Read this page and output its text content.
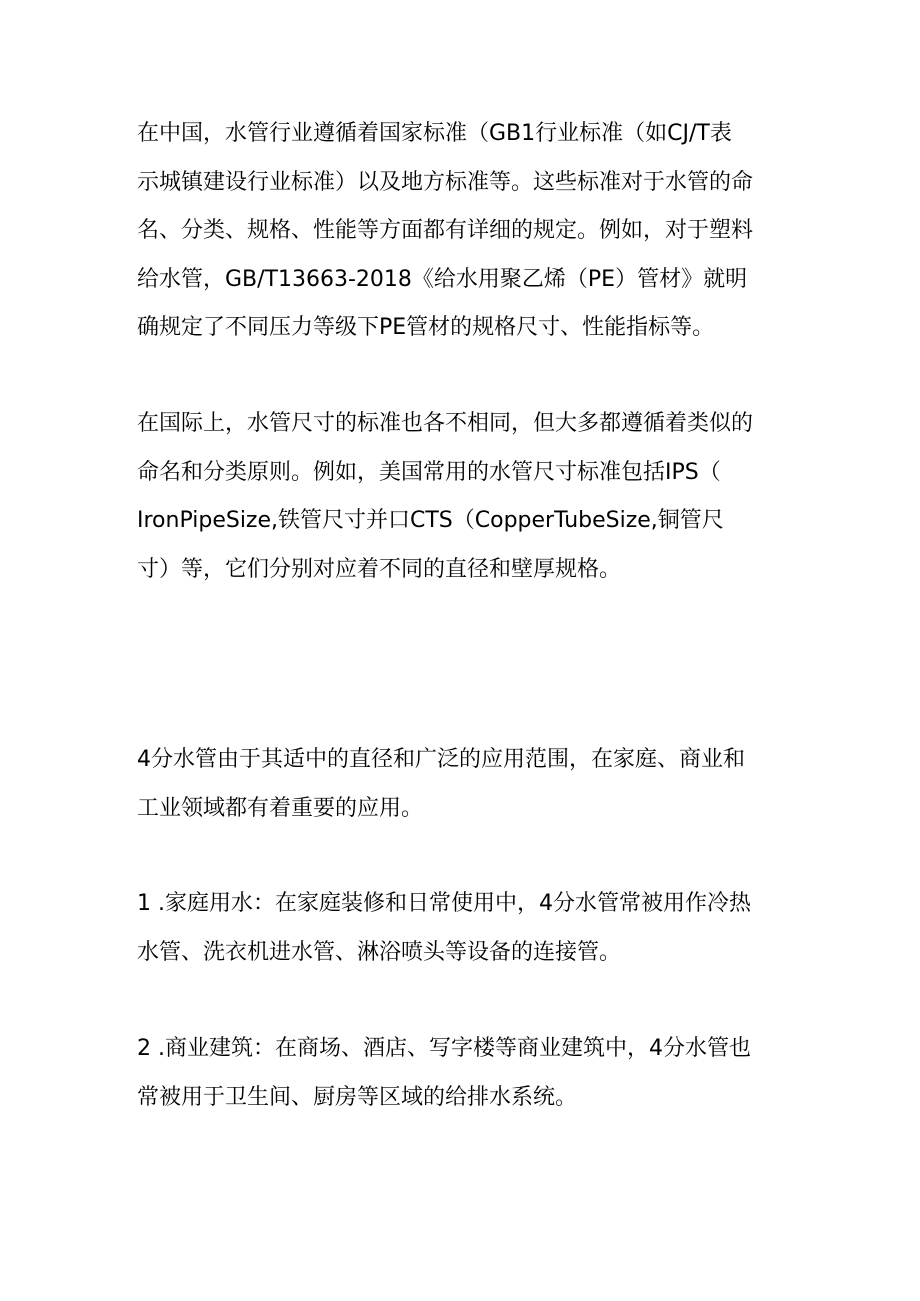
在中国，水管行业遵循着国家标准（GB1行业标准（如CJ/T表
示城镇建设行业标准）以及地方标准等。这些标准对于水管的命
名、分类、规格、性能等方面都有详细的规定。例如，对于塑料
给水管，GB/T13663-2018《给水用聚乙烯（PE）管材》就明
确规定了不同压力等级下PE管材的规格尺寸、性能指标等。

在国际上，水管尺寸的标准也各不相同，但大多都遵循着类似的
命名和分类原则。例如，美国常用的水管尺寸标准包括IPS（
IronPipeSize,铁管尺寸并口CTS（CopperTubeSize,铜管尺
寸）等，它们分别对应着不同的直径和壁厚规格。

4分水管由于其适中的直径和广泛的应用范围，在家庭、商业和
工业领域都有着重要的应用。

1 .家庭用水：在家庭装修和日常使用中，4分水管常被用作冷热
水管、洗衣机进水管、淋浴喷头等设备的连接管。

2 .商业建筑：在商场、酒店、写字楼等商业建筑中，4分水管也
常被用于卫生间、厨房等区域的给排水系统。
